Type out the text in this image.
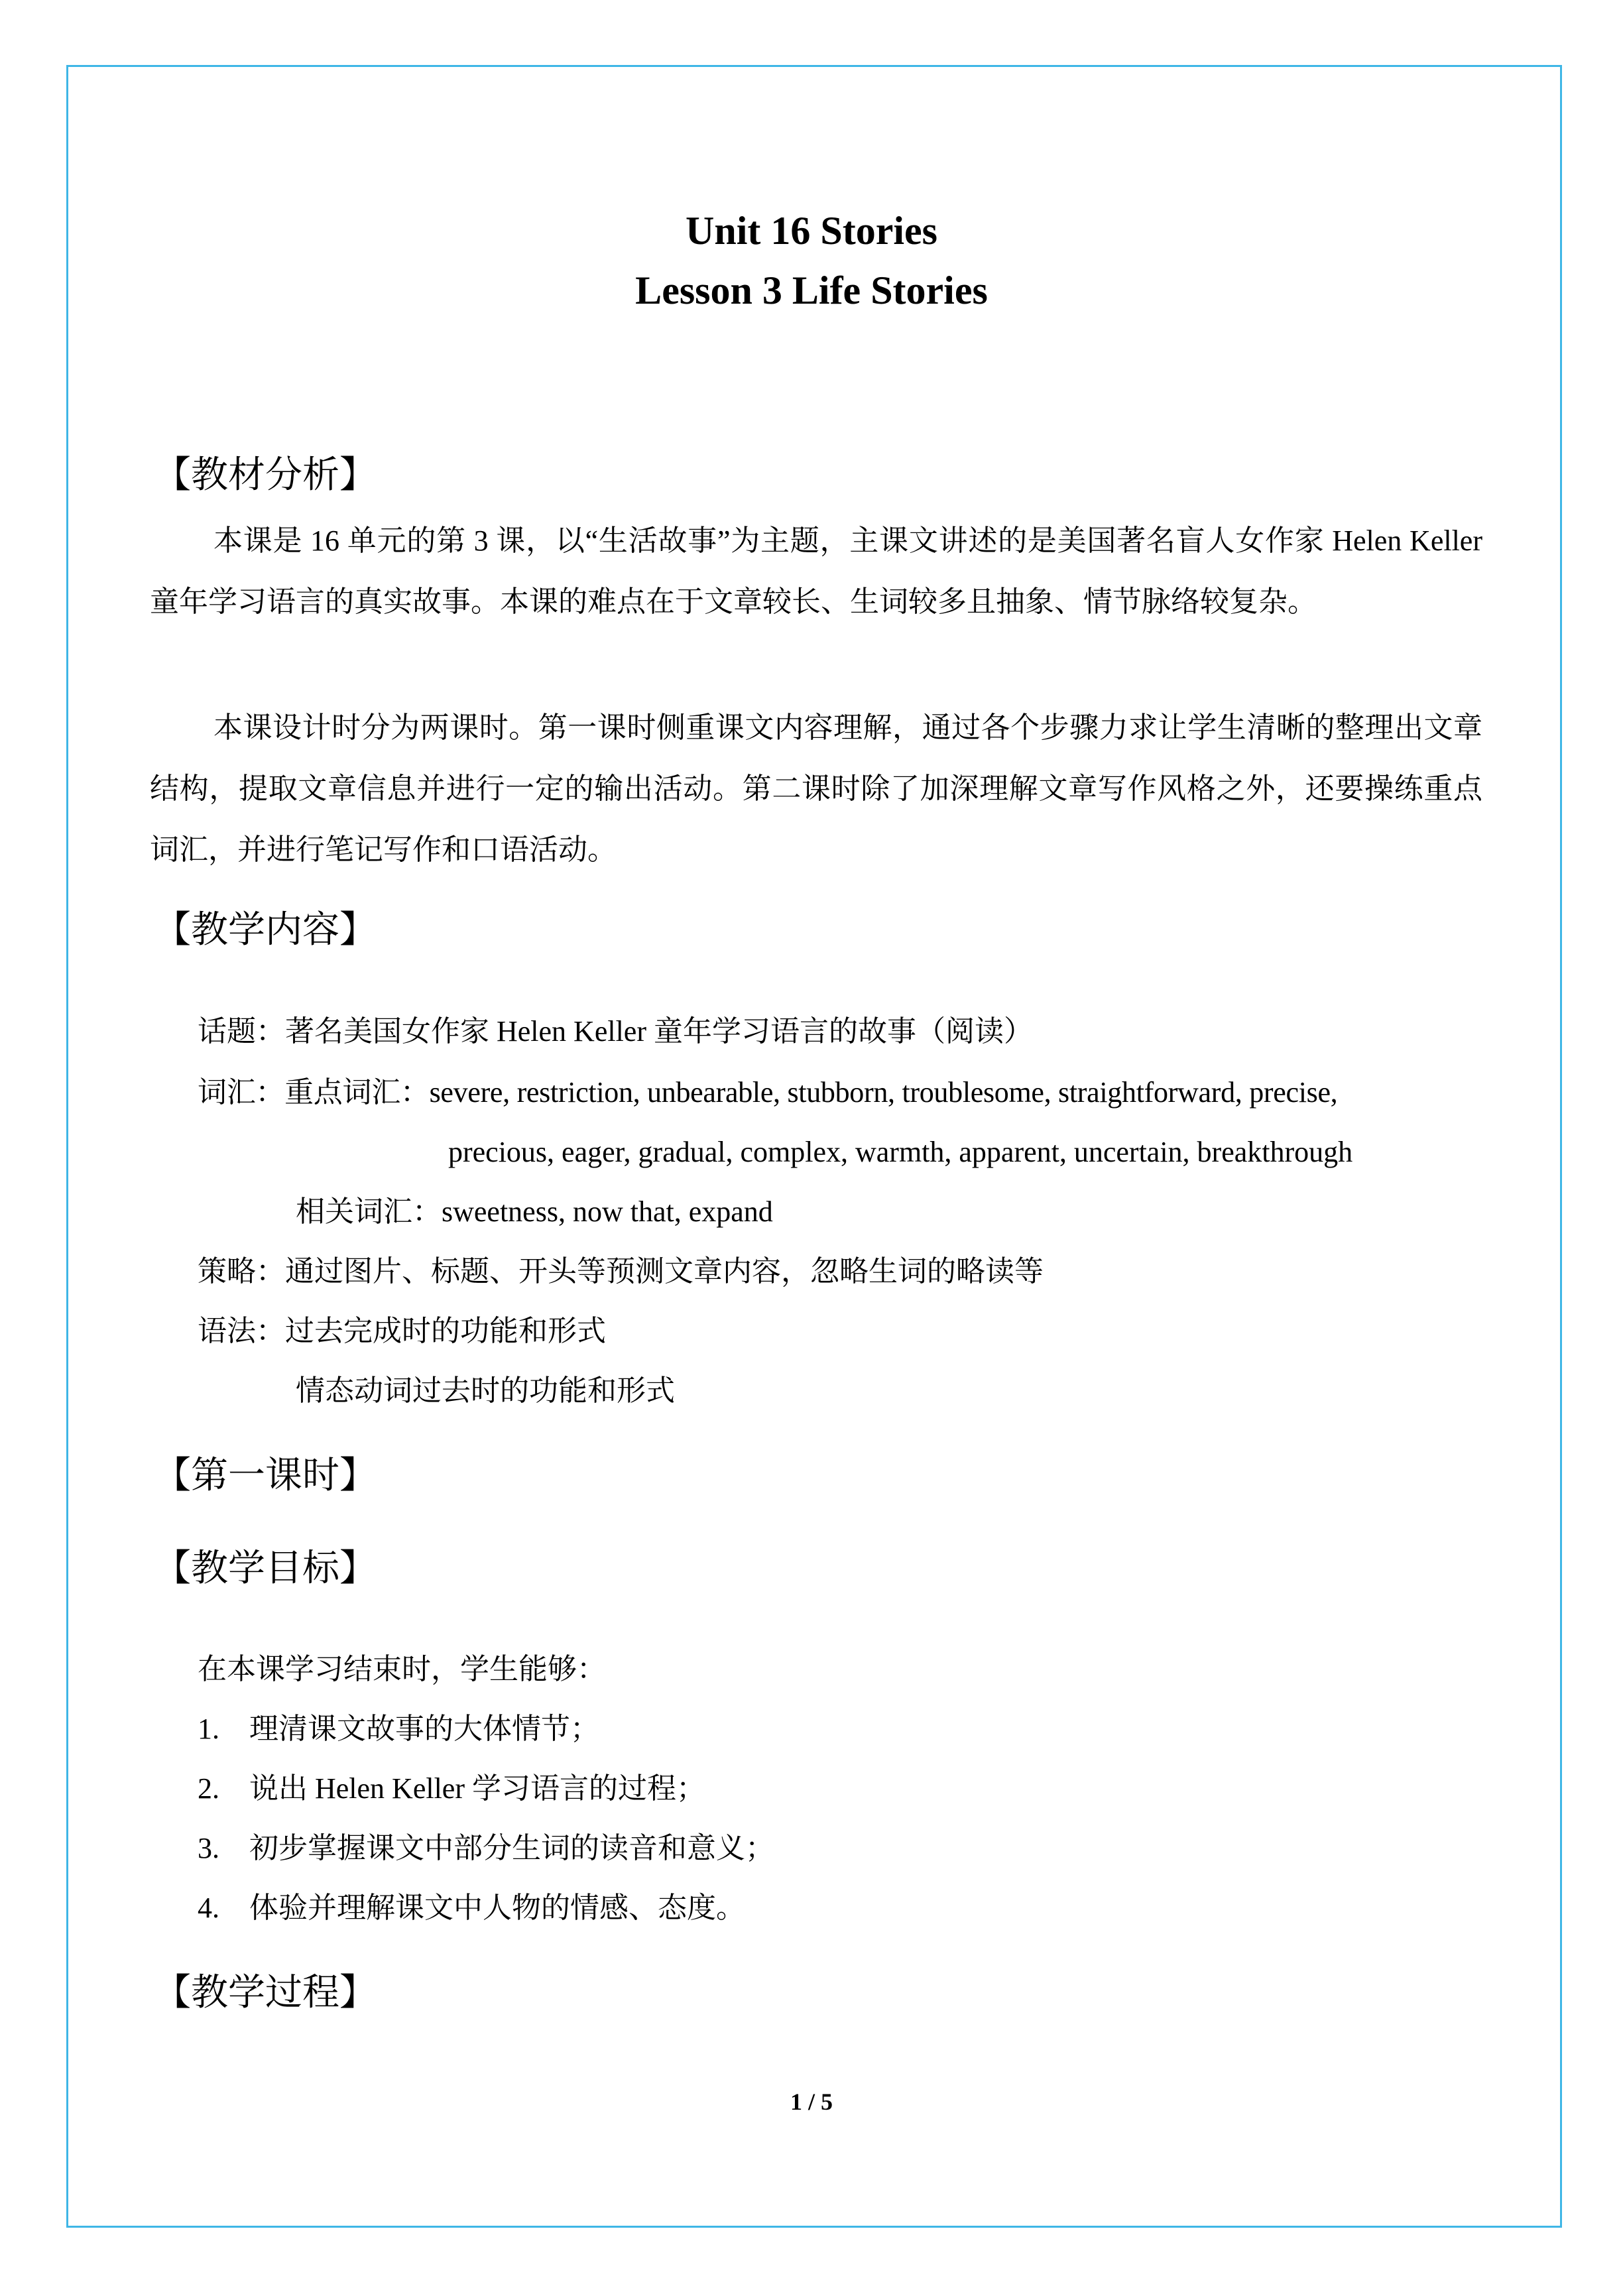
Unit 16 Stories
Lesson 3 Life Stories
【教材分析】
本课是 16 单元的第 3 课，以“生活故事”为主题，主课文讲述的是美国著名盲人女作家 Helen Keller 童年学习语言的真实故事。本课的难点在于文章较长、生词较多且抽象、情节脉络较复杂。
本课设计时分为两课时。第一课时侧重课文内容理解，通过各个步骤力求让学生清晰的整理出文章结构，提取文章信息并进行一定的输出活动。第二课时除了加深理解文章写作风格之外，还要操练重点词汇，并进行笔记写作和口语活动。
【教学内容】
话题：著名美国女作家 Helen Keller 童年学习语言的故事（阅读）
词汇：重点词汇：severe, restriction, unbearable, stubborn, troublesome, straightforward, precise,
precious, eager, gradual, complex, warmth, apparent, uncertain, breakthrough
相关词汇：sweetness, now that, expand
策略：通过图片、标题、开头等预测文章内容，忽略生词的略读等
语法：过去完成时的功能和形式
情态动词过去时的功能和形式
【第一课时】
【教学目标】
在本课学习结束时，学生能够：
1. 理清课文故事的大体情节；
2. 说出 Helen Keller 学习语言的过程；
3. 初步掌握课文中部分生词的读音和意义；
4. 体验并理解课文中人物的情感、态度。
【教学过程】
1 / 5
